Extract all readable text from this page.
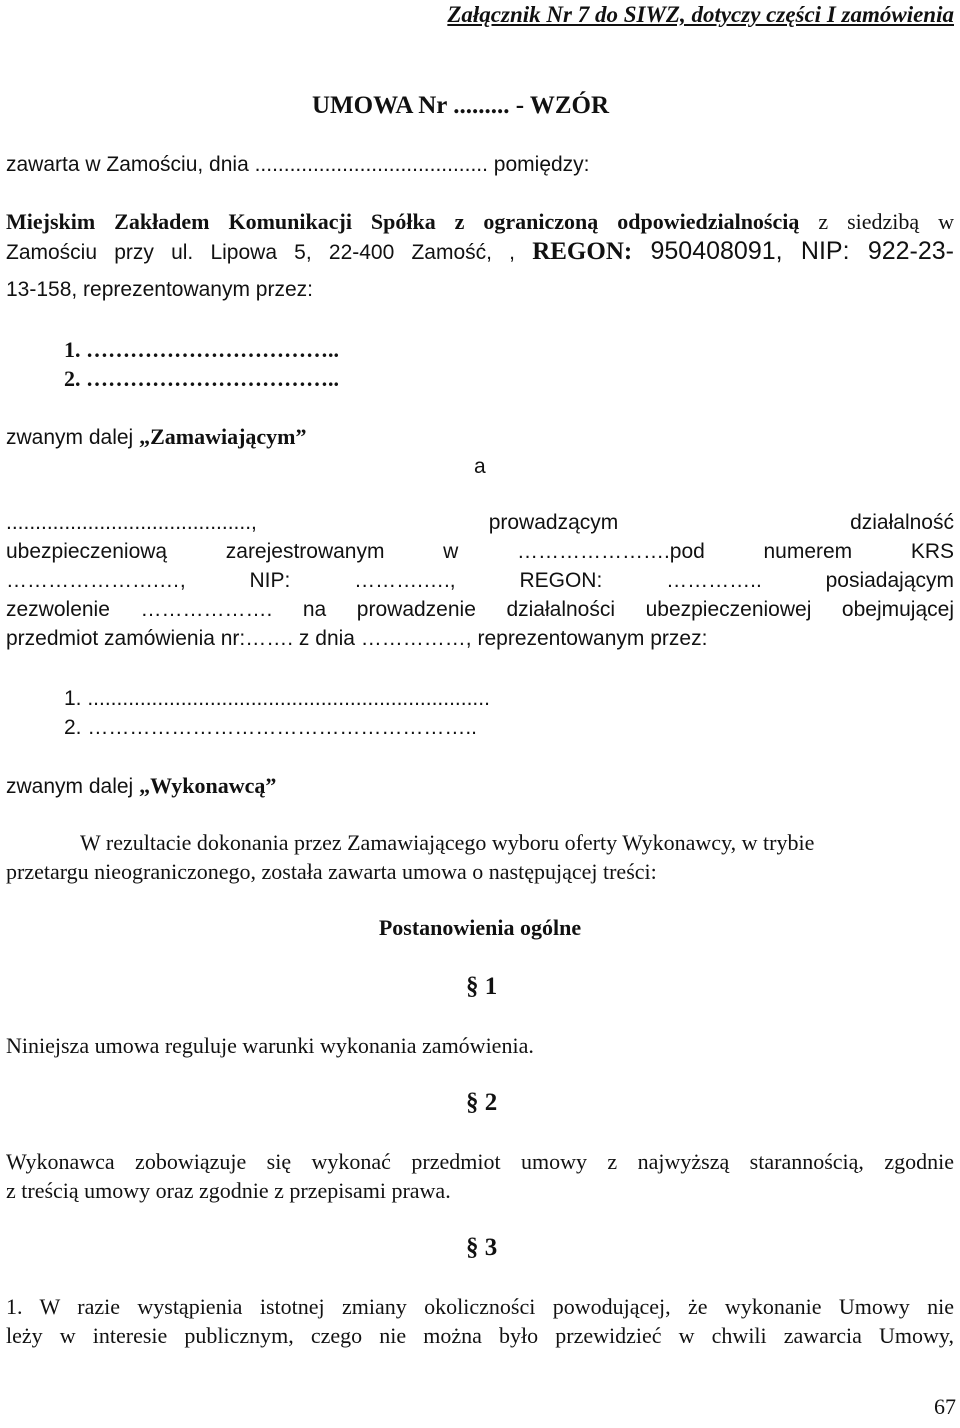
Załącznik Nr 7 do SIWZ, dotyczy części I zamówienia

UMOWA Nr ......... - WZÓR

zawarta w Zamościu, dnia ........................................ pomiędzy:

Miejskim Zakładem Komunikacji Spółka z ograniczoną odpowiedzialnością z siedzibą w

Zamościu przy ul. Lipowa 5, 22-400 Zamość, , REGON: 950408091, NIP: 922-23-

13-158, reprezentowanym przez:

1. ……………………………..

2. ……………………………..

zwanym dalej „Zamawiającym”

a

..........................................,	prowadzącym	działalność

ubezpieczeniową zarejestrowanym w ………………….pod numerem KRS

………………….…, NIP: ……….…., REGON: ………….. posiadającym

zezwolenie ………………. na prowadzenie działalności ubezpieczeniowej obejmującej

przedmiot zamówienia nr:……. z dnia ……………, reprezentowanym przez:

1. .....................................................................

2. ………………………………………………..

zwanym dalej „Wykonawcą”

W rezultacie dokonania przez Zamawiającego wyboru oferty Wykonawcy, w trybie

przetargu nieograniczonego, została zawarta umowa o następującej treści:

Postanowienia ogólne

§ 1

Niniejsza umowa reguluje warunki wykonania zamówienia.

§ 2

Wykonawca zobowiązuje się wykonać przedmiot umowy z najwyższą starannością, zgodnie

z treścią umowy oraz zgodnie z przepisami prawa.

§ 3

1. W razie wystąpienia istotnej zmiany okoliczności powodującej, że wykonanie Umowy nie

leży w interesie publicznym, czego nie można było przewidzieć w chwili zawarcia Umowy,

67
